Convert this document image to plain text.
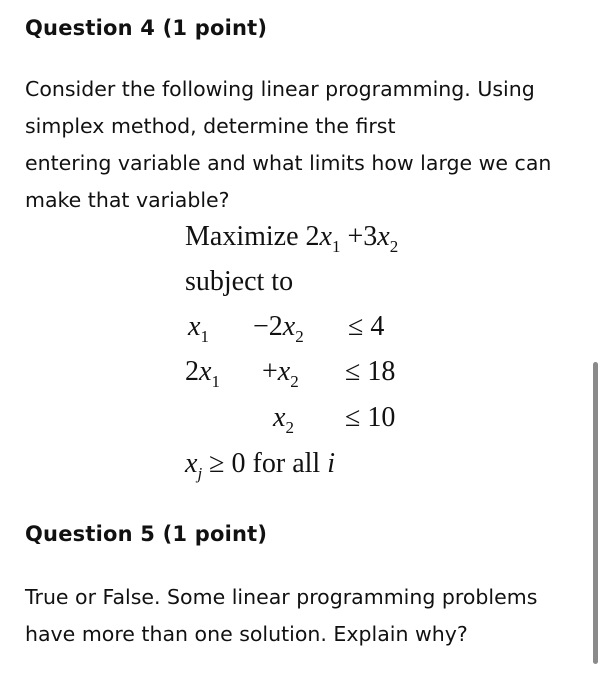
Question 4 (1 point)
Consider the following linear programming. Using
simplex method, determine the first
entering variable and what limits how large we can
make that variable?
Maximize $2x_1 +3x_2$
subject to
$x_1 -2x_2 \le 4$
$2x_1 +x_2 \le 18$
$x_2 \le 10$
$x_j \ge 0$ for all i
Question 5 (1 point)
True or False. Some linear programming problems
have more than one solution. Explain why?
